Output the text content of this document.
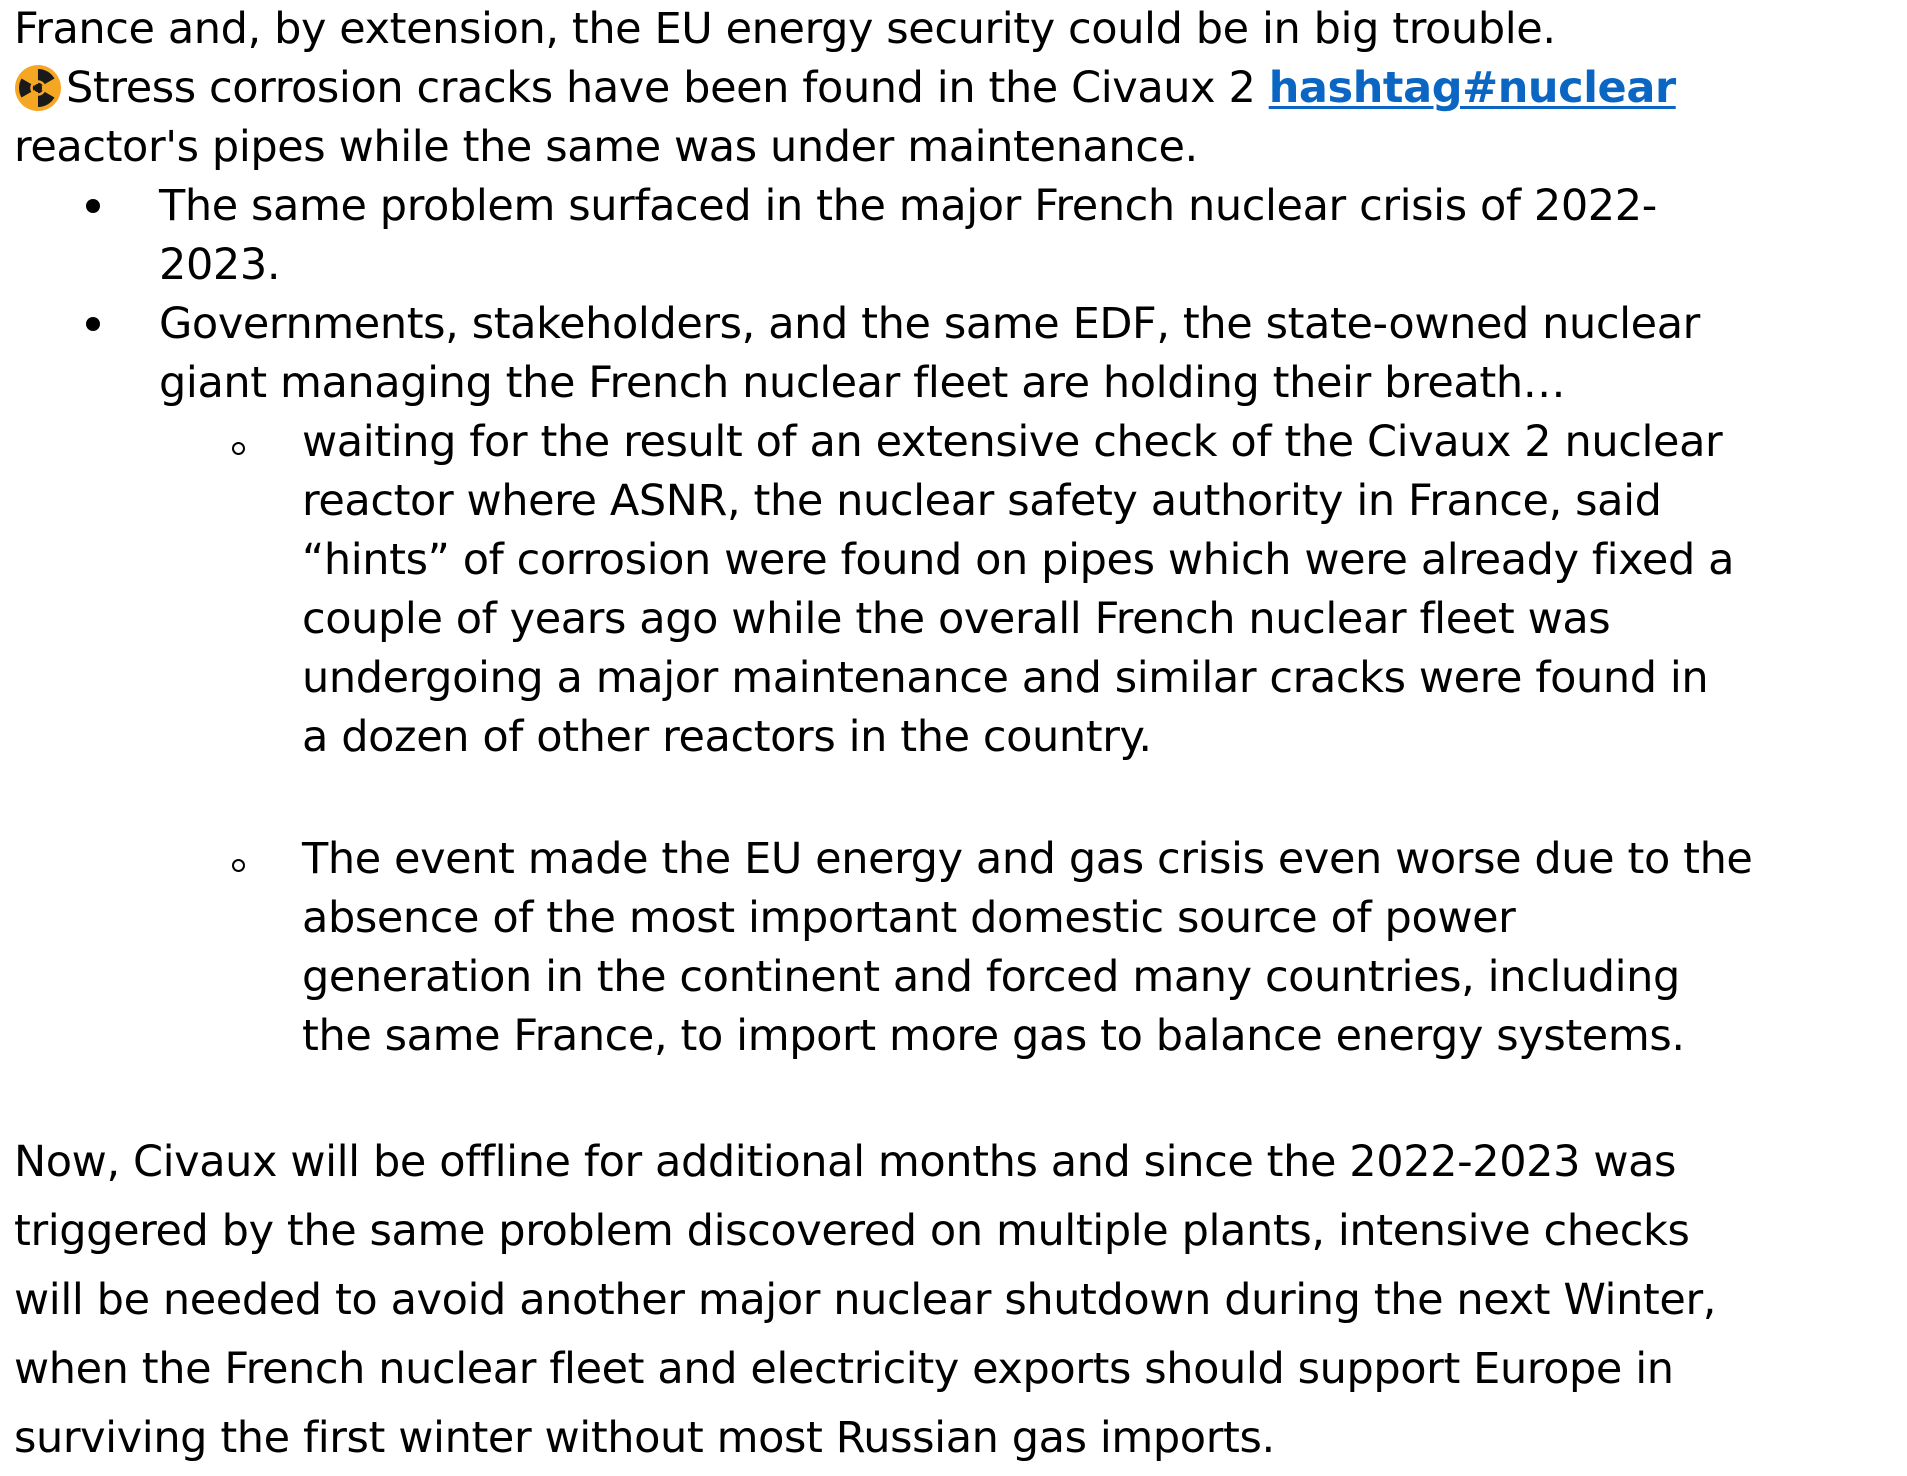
France and, by extension, the EU energy security could be in big trouble.
Stress corrosion cracks have been found in the Civaux 2 hashtag#nuclear
reactor's pipes while the same was under maintenance.
The same problem surfaced in the major French nuclear crisis of 2022-
2023.
Governments, stakeholders, and the same EDF, the state-owned nuclear
giant managing the French nuclear fleet are holding their breath…
waiting for the result of an extensive check of the Civaux 2 nuclear
reactor where ASNR, the nuclear safety authority in France, said
“hints” of corrosion were found on pipes which were already fixed a
couple of years ago while the overall French nuclear fleet was
undergoing a major maintenance and similar cracks were found in
a dozen of other reactors in the country.
The event made the EU energy and gas crisis even worse due to the
absence of the most important domestic source of power
generation in the continent and forced many countries, including
the same France, to import more gas to balance energy systems.
Now, Civaux will be offline for additional months and since the 2022-2023 was
triggered by the same problem discovered on multiple plants, intensive checks
will be needed to avoid another major nuclear shutdown during the next Winter,
when the French nuclear fleet and electricity exports should support Europe in
surviving the first winter without most Russian gas imports.
